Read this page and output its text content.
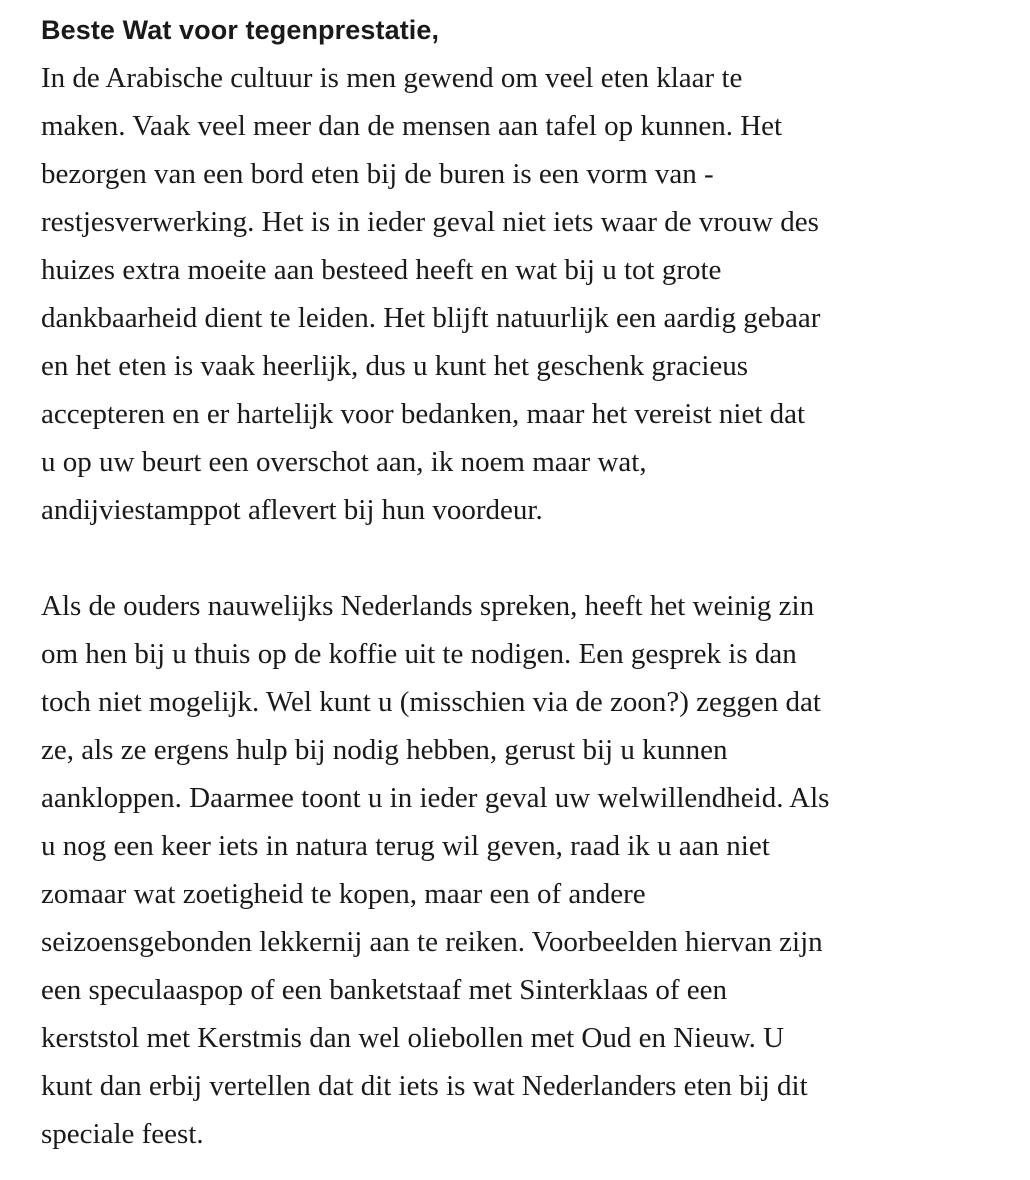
Beste Wat voor tegenprestatie,

In de Arabische cultuur is men gewend om veel eten klaar te
maken. Vaak veel meer dan de mensen aan tafel op kunnen. Het
bezorgen van een bord eten bij de buren is een vorm van -
restjesverwerking. Het is in ieder geval niet iets waar de vrouw des
huizes extra moeite aan besteed heeft en wat bij u tot grote
dankbaarheid dient te leiden. Het blijft natuurlijk een aardig gebaar
en het eten is vaak heerlijk, dus u kunt het geschenk gracieus
accepteren en er hartelijk voor bedanken, maar het vereist niet dat
u op uw beurt een overschot aan, ik noem maar wat,
andijviestamppot aflevert bij hun voordeur.

Als de ouders nauwelijks Nederlands spreken, heeft het weinig zin
om hen bij u thuis op de koffie uit te nodigen. Een gesprek is dan
toch niet mogelijk. Wel kunt u (misschien via de zoon?) zeggen dat
ze, als ze ergens hulp bij nodig hebben, gerust bij u kunnen
aankloppen. Daarmee toont u in ieder geval uw welwillendheid. Als
u nog een keer iets in natura terug wil geven, raad ik u aan niet
zomaar wat zoetigheid te kopen, maar een of andere
seizoensgebonden lekkernij aan te reiken. Voorbeelden hiervan zijn
een speculaaspop of een banketstaaf met Sinterklaas of een
kerststol met Kerstmis dan wel oliebollen met Oud en Nieuw. U
kunt dan erbij vertellen dat dit iets is wat Nederlanders eten bij dit
speciale feest.
